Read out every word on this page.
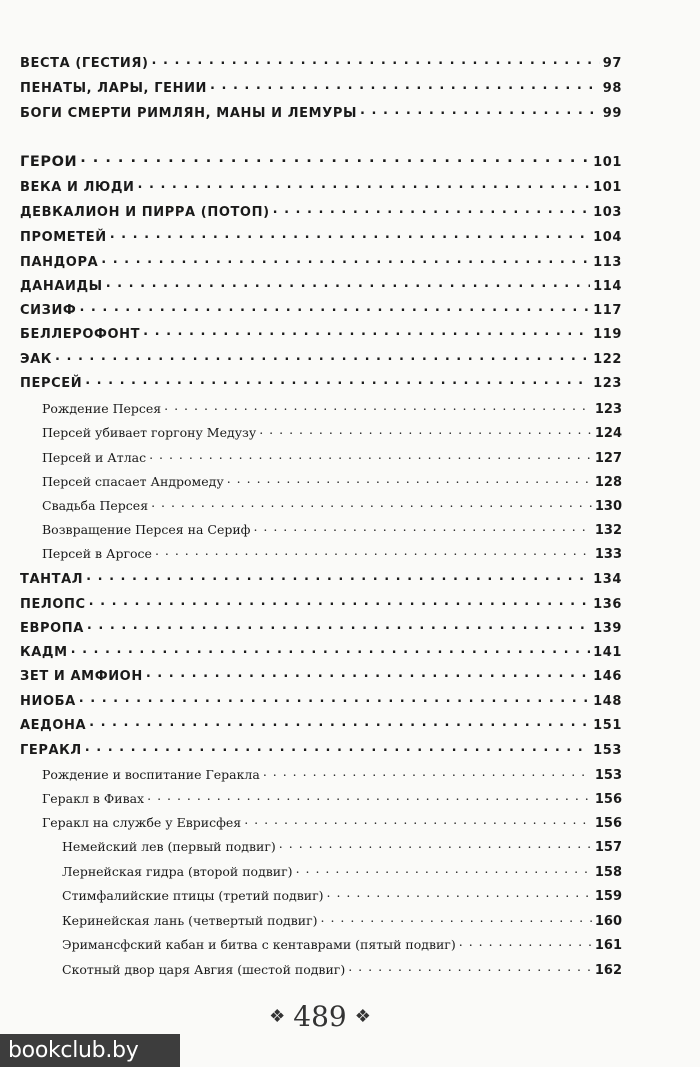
ВЕСТА (ГЕСТИЯ) . . .	97
ПЕНАТЫ, ЛАРЫ, ГЕНИИ . . .	98
БОГИ СМЕРТИ РИМЛЯН, МАНЫ И ЛЕМУРЫ . . .	99
ГЕРОИ . . .	101
ВЕКА И ЛЮДИ . . .	101
ДЕВКАЛИОН И ПИРРА (ПОТОП) . . .	103
ПРОМЕТЕЙ . . .	104
ПАНДОРА . . .	113
ДАНАИДЫ . . .	114
СИЗИФ . . .	117
БЕЛЛЕРОФОНТ . . .	119
ЭАК . . .	122
ПЕРСЕЙ . . .	123
Рождение Персея . . .	123
Персей убивает горгону Медузу . . .	124
Персей и Атлас . . .	127
Персей спасает Андромеду . . .	128
Свадьба Персея . . .	130
Возвращение Персея на Сериф . . .	132
Персей в Аргосе . . .	133
ТАНТАЛ . . .	134
ПЕЛОПС . . .	136
ЕВРОПА . . .	139
КАДМ . . .	141
ЗЕТ И АМФИОН . . .	146
НИОБА . . .	148
АЕДОНА . . .	151
ГЕРАКЛ . . .	153
Рождение и воспитание Геракла . . .	153
Геракл в Фивах . . .	156
Геракл на службе у Еврисфея . . .	156
Немейский лев (первый подвиг) . . .	157
Лернейская гидра (второй подвиг) . . .	158
Стимфалийские птицы (третий подвиг) . . .	159
Керинейская лань (четвертый подвиг) . . .	160
Эримансфский кабан и битва с кентаврами (пятый подвиг) . . .	161
Скотный двор царя Авгия (шестой подвиг) . . .	162
❖ 489 ❖
bookclub.by
